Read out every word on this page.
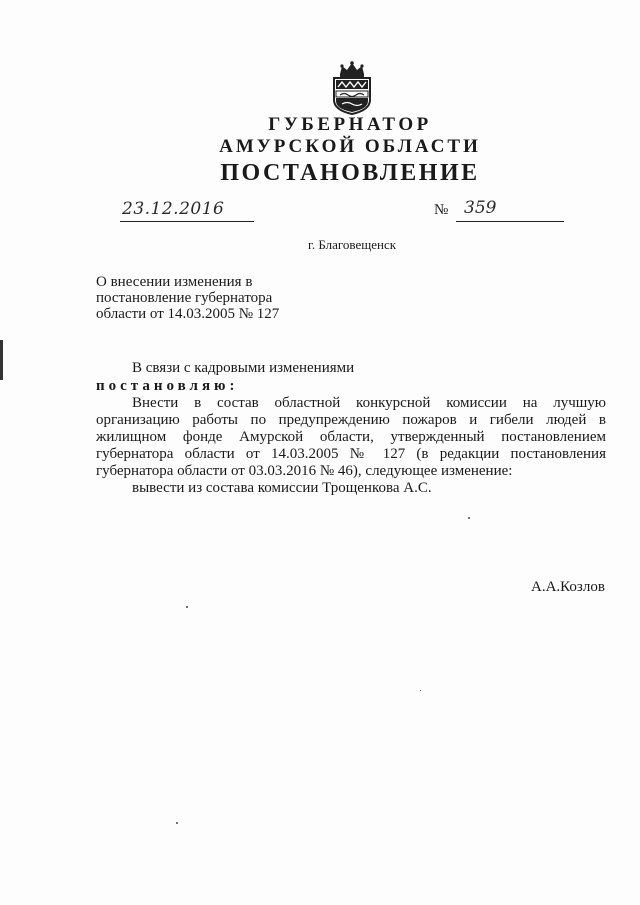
ГУБЕРНАТОР
АМУРСКОЙ ОБЛАСТИ
ПОСТАНОВЛЕНИЕ
23.12.2016	№ 359
г. Благовещенск
О внесении изменения в
постановление губернатора
области от 14.03.2005 № 127
В связи с кадровыми изменениями
постановляю:
Внести в состав областной конкурсной комиссии на лучшую
организацию работы по предупреждению пожаров и гибели людей в
жилищном фонде Амурской области, утвержденный постановлением
губернатора области от 14.03.2005 № 127 (в редакции постановления
губернатора области от 03.03.2016 № 46), следующее изменение:
вывести из состава комиссии Трощенкова А.С.
А.А.Козлов
